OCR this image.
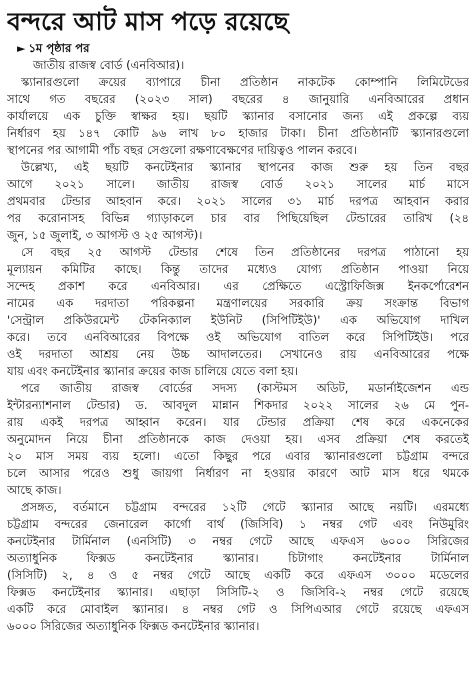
বন্দরে আট মাস পড়ে রয়েছে
► ১ম পৃষ্ঠার পর
জাতীয় রাজস্ব বোর্ড (এনবিআর)।
স্ক্যানারগুলো ক্রয়ের ব্যাপারে চীনা প্রতিষ্ঠান নাকটেক কোম্পানি লিমিটেডের
সাথে গত বছরের (২০২৩ সাল) বছরের ৪ জানুয়ারি এনবিআরের প্রধান
কার্যালয়ে এক চুক্তি স্বাক্ষর হয়। ছয়টি স্ক্যানার বসানোর জন্য এই প্রকল্পে ব্যয়
নির্ধারণ হয় ১৪৭ কোটি ৯৬ লাখ ৮০ হাজার টাকা। চীনা প্রতিষ্ঠানটি স্ক্যানারগুলো
স্থাপনের পর আগামী পাঁচ বছর সেগুলো রক্ষণাবেক্ষণের দায়িত্বও পালন করবে।
উল্লেখ্য, এই ছয়টি কনটেইনার স্ক্যানার স্থাপনের কাজ শুরু হয় তিন বছর
আগে ২০২১ সালে। জাতীয় রাজস্ব বোর্ড ২০২১ সালের মার্চ মাসে
প্রথমবার টেন্ডার আহবান করে। ২০২১ সালের ৩১ মার্চ দরপত্র আহবান করার
পর করোনাসহ বিভিন্ন গ্যাড়াকলে চার বার পিছিয়েছিল টেন্ডারের তারিখ (২৪
জুন, ১৫ জুলাই, ৩ আগস্ট ও ২৫ আগস্ট)।
সে বছর ২৫ আগস্ট টেন্ডার শেষে তিন প্রতিষ্ঠানের দরপত্র পাঠানো হয়
মূল্যায়ন কমিটির কাছে। কিন্তু তাদের মধ্যেও যোগ্য প্রতিষ্ঠান পাওয়া নিয়ে
সন্দেহ প্রকাশ করে এনবিআর। এর প্রেক্ষিতে এস্ট্রোফিজিক্স ইনকর্পোরেশন
নামের এক দরদাতা পরিকল্পনা মন্ত্রণালয়ের সরকারি ক্রয় সংক্রান্ত বিভাগ
'সেন্ট্রাল প্রকিউরমেন্ট টেকনিক্যাল ইউনিট (সিপিটিইউ)' এক অভিযোগ দাখিল
করে। তবে এনবিআরের বিপক্ষে ওই অভিযোগ বাতিল করে সিপিটিইউ। পরে
ওই দরদাতা আশ্রয় নেয় উচ্চ আদালতের। সেখানেও রায় এনবিআরের পক্ষে
যায় এবং কনটেইনার স্ক্যানার ক্রয়ের কাজ চালিয়ে যেতে বলা হয়।
পরে জাতীয় রাজস্ব বোর্ডের সদস্য (কাস্টমস অডিট, মডার্নাইজেশন এন্ড
ইন্টারন্যাশনাল টেন্ডার) ড. আবদুল মান্নান শিকদার ২০২২ সালের ২৬ মে পুন-
রায় একই দরপত্র আহ্বান করেন। যার টেন্ডার প্রক্রিয়া শেষ করে একনেকের
অনুমোদন নিয়ে চীনা প্রতিষ্ঠানকে কাজ দেওয়া হয়। এসব প্রক্রিয়া শেষ করতেই
২০ মাস সময় ব্যয় হলো। এতো কিছুর পরে এবার স্ক্যানারগুলো চট্টগ্রাম বন্দরে
চলে আসার পরেও শুধু জায়গা নির্ধারণ না হওয়ার কারণে আট মাস ধরে থমকে
আছে কাজ।
প্রসঙ্গত, বর্তমানে চট্টগ্রাম বন্দরের ১২টি গেটে স্ক্যানার আছে নয়টি। এরমধ্যে
চট্টগ্রাম বন্দরের জেনারেল কার্গো বার্থ (জিসিবি) ১ নম্বর গেট এবং নিউমুরিং
কনটেইনার টার্মিনাল (এনসিটি) ৩ নম্বর গেটে আছে এফএস ৬০০০ সিরিজের
অত্যাধুনিক ফিক্সড কনটেইনার স্ক্যানার। চিটাগাং কনটেইনার টার্মিনাল
(সিসিটি) ২, ৪ ও ৫ নম্বর গেটে আছে একটি করে এফএস ৩০০০ মডেলের
ফিক্সড কনটেইনার স্ক্যানার। এছাড়া সিসিটি-২ ও জিসিবি-২ নম্বর গেটে রয়েছে
একটি করে মোবাইল স্ক্যানার। ৪ নম্বর গেট ও সিপিএআর গেটে রয়েছে এফএস
৬০০০ সিরিজের অত্যাধুনিক ফিক্সড কনটেইনার স্ক্যানার।
